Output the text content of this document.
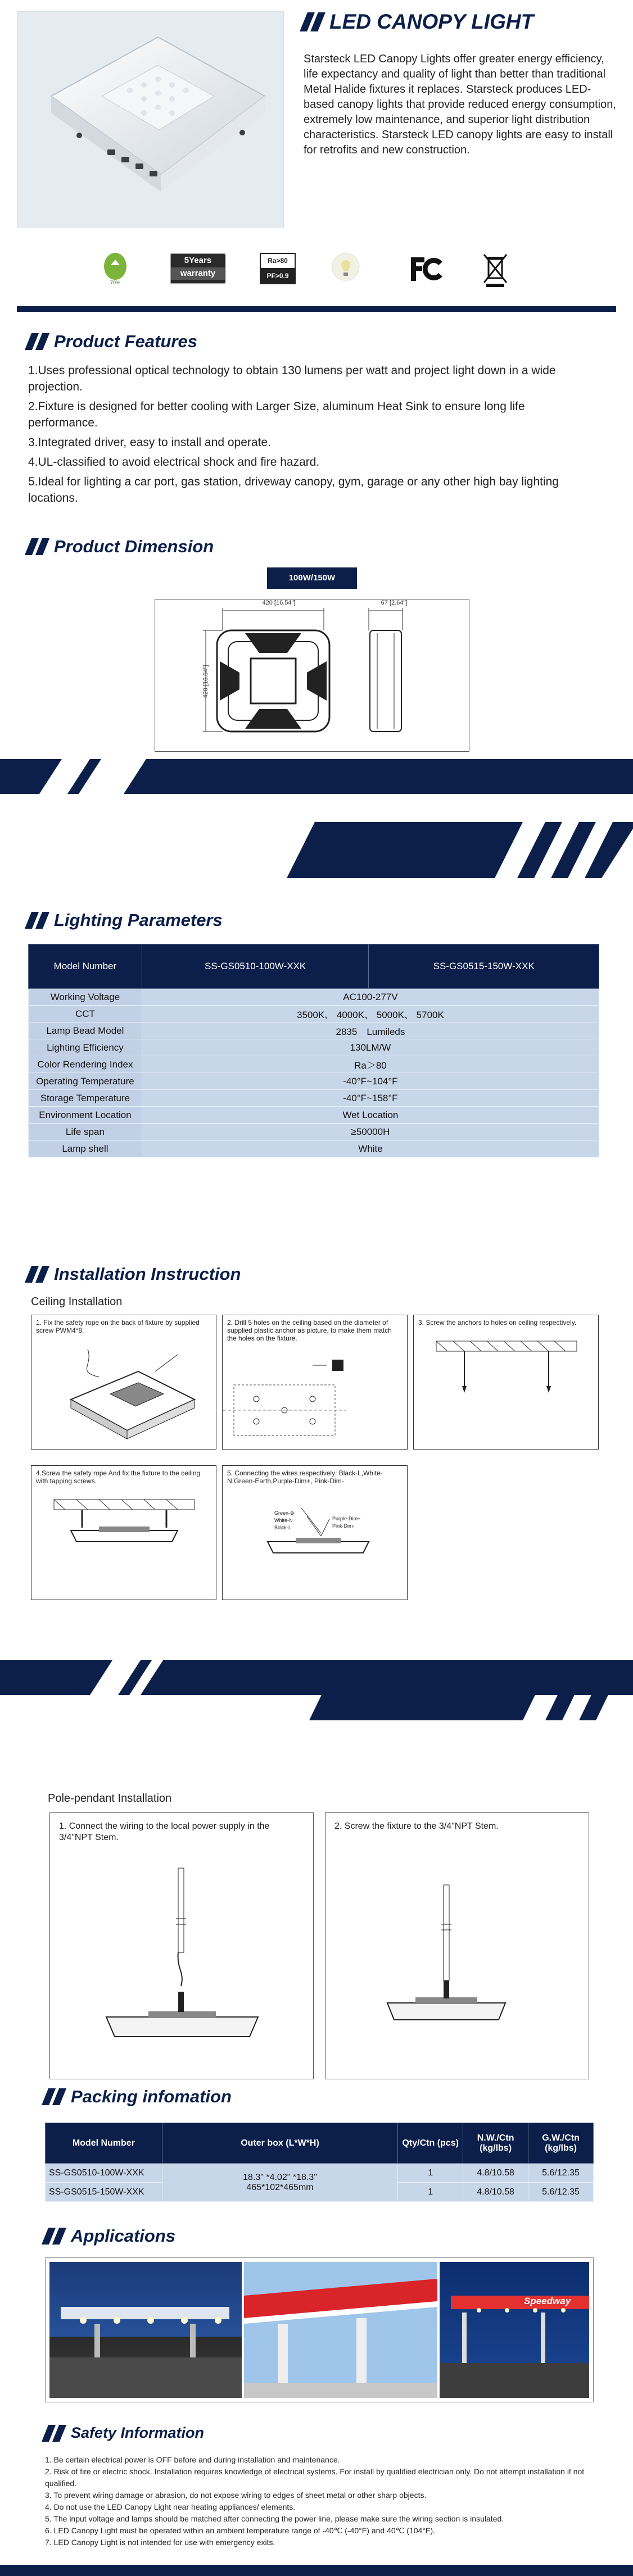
LED CANOPY LIGHT
Starsteck LED Canopy Lights offer greater energy efficiency, life expectancy and quality of light than better than traditional Metal Halide fixtures it replaces. Starsteck produces LED-based canopy lights that provide reduced energy consumption, extremely low maintenance, and superior light distribution characteristics. Starsteck LED canopy lights are easy to install for retrofits and new construction.
70%
5Years
warranty
Ra>80
PF>0.9
Product Features

1.Uses professional optical technology to obtain 130 lumens per watt and project light down in a wide projection.

2.Fixture is designed for better cooling with Larger Size, aluminum Heat Sink to ensure long life performance.

3.Integrated driver, easy to install and operate.

4.UL-classified to avoid electrical shock and fire hazard.

5.Ideal for lighting a car port, gas station, driveway canopy, gym, garage or any other high bay lighting locations.

Product Dimension
100W/150W
420 [16.54"]	67 [2.64"]
420 [16.54"]
Lighting Parameters
Model Number	SS-GS0510-100W-XXK	SS-GS0515-150W-XXK
Working Voltage	AC100-277V	
CCT	3500K、 4000K、 5000K、 5700K	
Lamp Bead Model	2835　Lumileds	
Lighting Efficiency	130LM/W	
Color Rendering Index	Ra＞80	
Operating Temperature	-40°F~104°F	
Storage Temperature	-40°F~158°F	
Environment Location	Wet Location	
Life span	≥50000H	
Lamp shell	White	
Installation Instruction
Ceiling Installation
1. Fix the safety rope on the back of fixture by supplied screw PWM4*8.
2. Drill 5 holes on the ceiling based on the diameter of supplied plastic anchor as picture, to make them match the holes on the fixture.
3. Screw the anchors to holes on ceiling respectively.
4.Screw the safety rope And fix the fixture to the ceiling with tapping screws.
5. Connecting the wires respectively: Black-L,White-N,Green-Earth,Purple-Dim+, Pink-Dim-
Green-⊕
White-N
Black-L
Purple-Dim+
Pink-Dim-
Pole-pendant Installation
1. Connect the wiring to the local power supply in the 3/4"NPT Stem.
2. Screw the fixture to the 3/4"NPT Stem.
Packing infomation
Model Number	Outer box (L*W*H)	Qty/Ctn (pcs)	N.W./Ctn (kg/lbs)	G.W./Ctn (kg/lbs)
SS-GS0510-100W-XXK	18.3" *4.02" *18.3"
465*102*465mm	1	4.8/10.58	5.6/12.35
SS-GS0515-150W-XXK		1	4.8/10.58	5.6/12.35
Applications
Speedway
Safety Information
1. Be certain electrical power is OFF before and during installation and maintenance.
2. Risk of fire or electric shock. Installation requires knowledge of electrical systems. For install by qualified electrician only. Do not attempt installation if not qualified.
3. To prevent wiring damage or abrasion, do not expose wiring to edges of sheet metal or other sharp objects.
4. Do not use the LED Canopy Light near heating appliances/ elements.
5. The input voltage and lamps should be matched after connecting the power line, please make sure the wiring section is insulated.
6. LED Canopy Light must be operated within an ambient temperature range of -40℃ (-40°F) and 40℃ (104°F).
7. LED Canopy Light is not intended for use with emergency exits.
